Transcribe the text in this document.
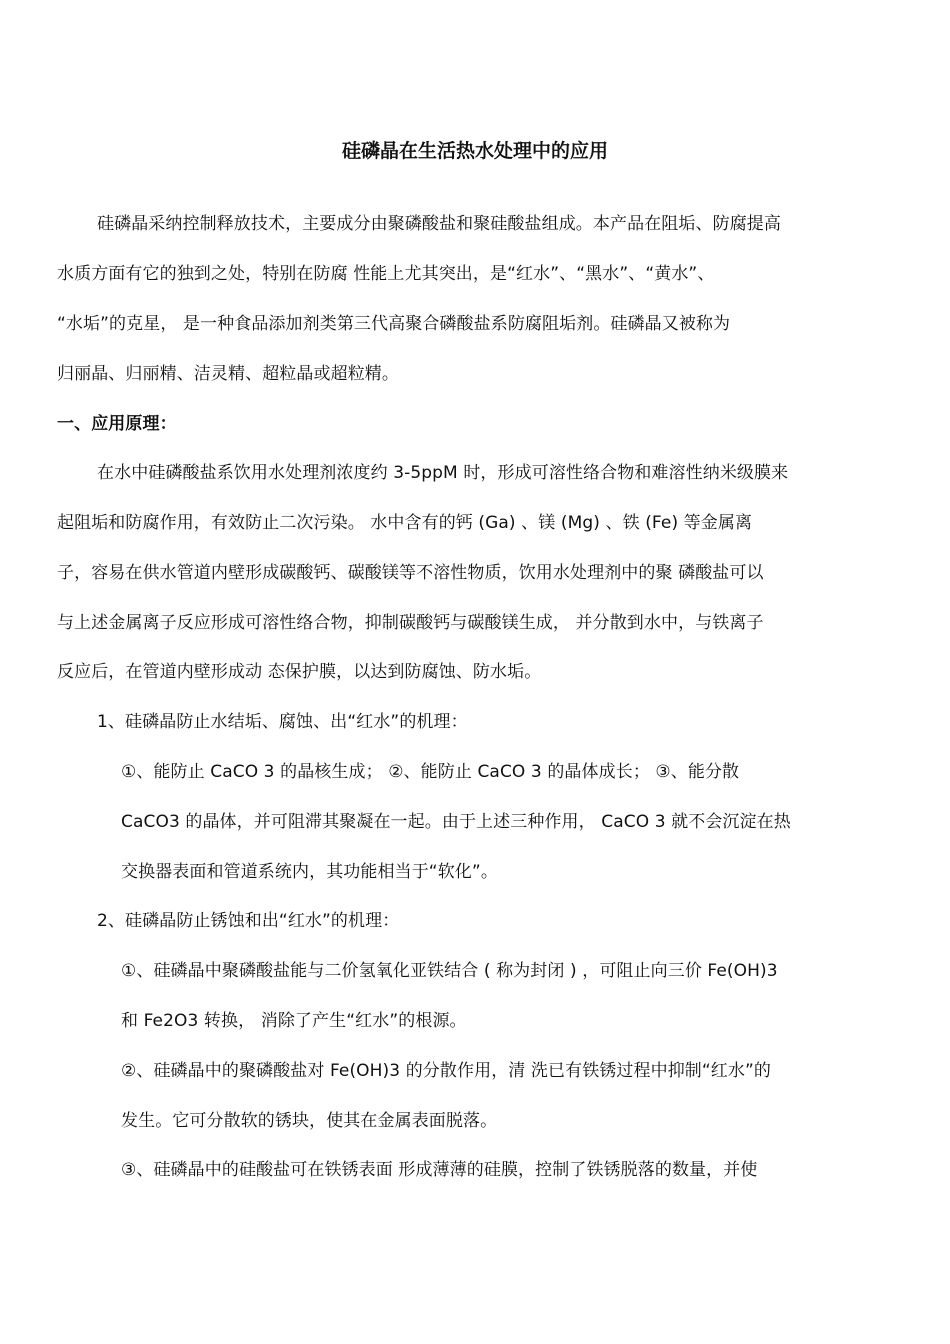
硅磷晶在生活热水处理中的应用
硅磷晶采纳控制释放技术，主要成分由聚磷酸盐和聚硅酸盐组成。本产品在阻垢、防腐提高
水质方面有它的独到之处，特别在防腐 性能上尤其突出，是“红水”、“黑水”、“黄水”、
“水垢”的克星， 是一种食品添加剂类第三代高聚合磷酸盐系防腐阻垢剂。硅磷晶又被称为
归丽晶、归丽精、洁灵精、超粒晶或超粒精。
一、应用原理：
在水中硅磷酸盐系饮用水处理剂浓度约 3-5ppM 时，形成可溶性络合物和难溶性纳米级膜来
起阻垢和防腐作用，有效防止二次污染。 水中含有的钙 (Ga) 、镁 (Mg) 、铁 (Fe) 等金属离
子，容易在供水管道内壁形成碳酸钙、碳酸镁等不溶性物质，饮用水处理剂中的聚 磷酸盐可以
与上述金属离子反应形成可溶性络合物，抑制碳酸钙与碳酸镁生成， 并分散到水中，与铁离子
反应后，在管道内壁形成动 态保护膜，以达到防腐蚀、防水垢。
1、硅磷晶防止水结垢、腐蚀、出“红水”的机理：
①、能防止 CaCO 3 的晶核生成； ②、能防止 CaCO 3 的晶体成长； ③、能分散
CaCO3 的晶体，并可阻滞其聚凝在一起。由于上述三种作用， CaCO 3 就不会沉淀在热
交换器表面和管道系统内，其功能相当于“软化”。
2、硅磷晶防止锈蚀和出“红水”的机理：
①、硅磷晶中聚磷酸盐能与二价氢氧化亚铁结合 ( 称为封闭 ) ，可阻止向三价 Fe(OH)3
和 Fe2O3 转换， 消除了产生“红水”的根源。
②、硅磷晶中的聚磷酸盐对 Fe(OH)3 的分散作用，清 洗已有铁锈过程中抑制“红水”的
发生。它可分散软的锈块，使其在金属表面脱落。
③、硅磷晶中的硅酸盐可在铁锈表面 形成薄薄的硅膜，控制了铁锈脱落的数量，并使
